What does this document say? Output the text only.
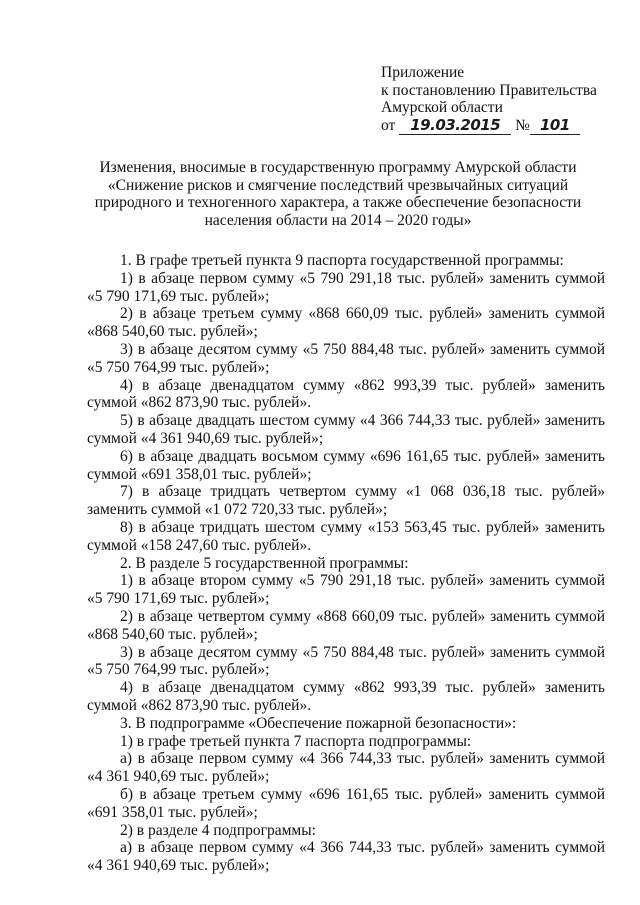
Приложение
к постановлению Правительства
Амурской области
от 19.03.2015 № 101
Изменения, вносимые в государственную программу Амурской области
«Снижение рисков и смягчение последствий чрезвычайных ситуаций
природного и техногенного характера, а также обеспечение безопасности
населения области на 2014 – 2020 годы»
1. В графе третьей пункта 9 паспорта государственной программы:
1) в абзаце первом сумму «5 790 291,18 тыс. рублей» заменить суммой «5 790 171,69 тыс. рублей»;
2) в абзаце третьем сумму «868 660,09 тыс. рублей» заменить суммой «868 540,60 тыс. рублей»;
3) в абзаце десятом сумму «5 750 884,48 тыс. рублей» заменить суммой «5 750 764,99 тыс. рублей»;
4) в абзаце двенадцатом сумму «862 993,39 тыс. рублей» заменить суммой «862 873,90 тыс. рублей».
5) в абзаце двадцать шестом сумму «4 366 744,33 тыс. рублей» заменить суммой «4 361 940,69 тыс. рублей»;
6) в абзаце двадцать восьмом сумму «696 161,65 тыс. рублей» заменить суммой «691 358,01 тыс. рублей»;
7) в абзаце тридцать четвертом сумму «1 068 036,18 тыс. рублей» заменить суммой «1 072 720,33 тыс. рублей»;
8) в абзаце тридцать шестом сумму «153 563,45 тыс. рублей» заменить суммой «158 247,60 тыс. рублей».
2. В разделе 5 государственной программы:
1) в абзаце втором сумму «5 790 291,18 тыс. рублей» заменить суммой «5 790 171,69 тыс. рублей»;
2) в абзаце четвертом сумму «868 660,09 тыс. рублей» заменить суммой «868 540,60 тыс. рублей»;
3) в абзаце десятом сумму «5 750 884,48 тыс. рублей» заменить суммой «5 750 764,99 тыс. рублей»;
4) в абзаце двенадцатом сумму «862 993,39 тыс. рублей» заменить суммой «862 873,90 тыс. рублей».
3. В подпрограмме «Обеспечение пожарной безопасности»:
1) в графе третьей пункта 7 паспорта подпрограммы:
а) в абзаце первом сумму «4 366 744,33 тыс. рублей» заменить суммой «4 361 940,69 тыс. рублей»;
б) в абзаце третьем сумму «696 161,65 тыс. рублей» заменить суммой «691 358,01 тыс. рублей»;
2) в разделе 4 подпрограммы:
а) в абзаце первом сумму «4 366 744,33 тыс. рублей» заменить суммой «4 361 940,69 тыс. рублей»;
